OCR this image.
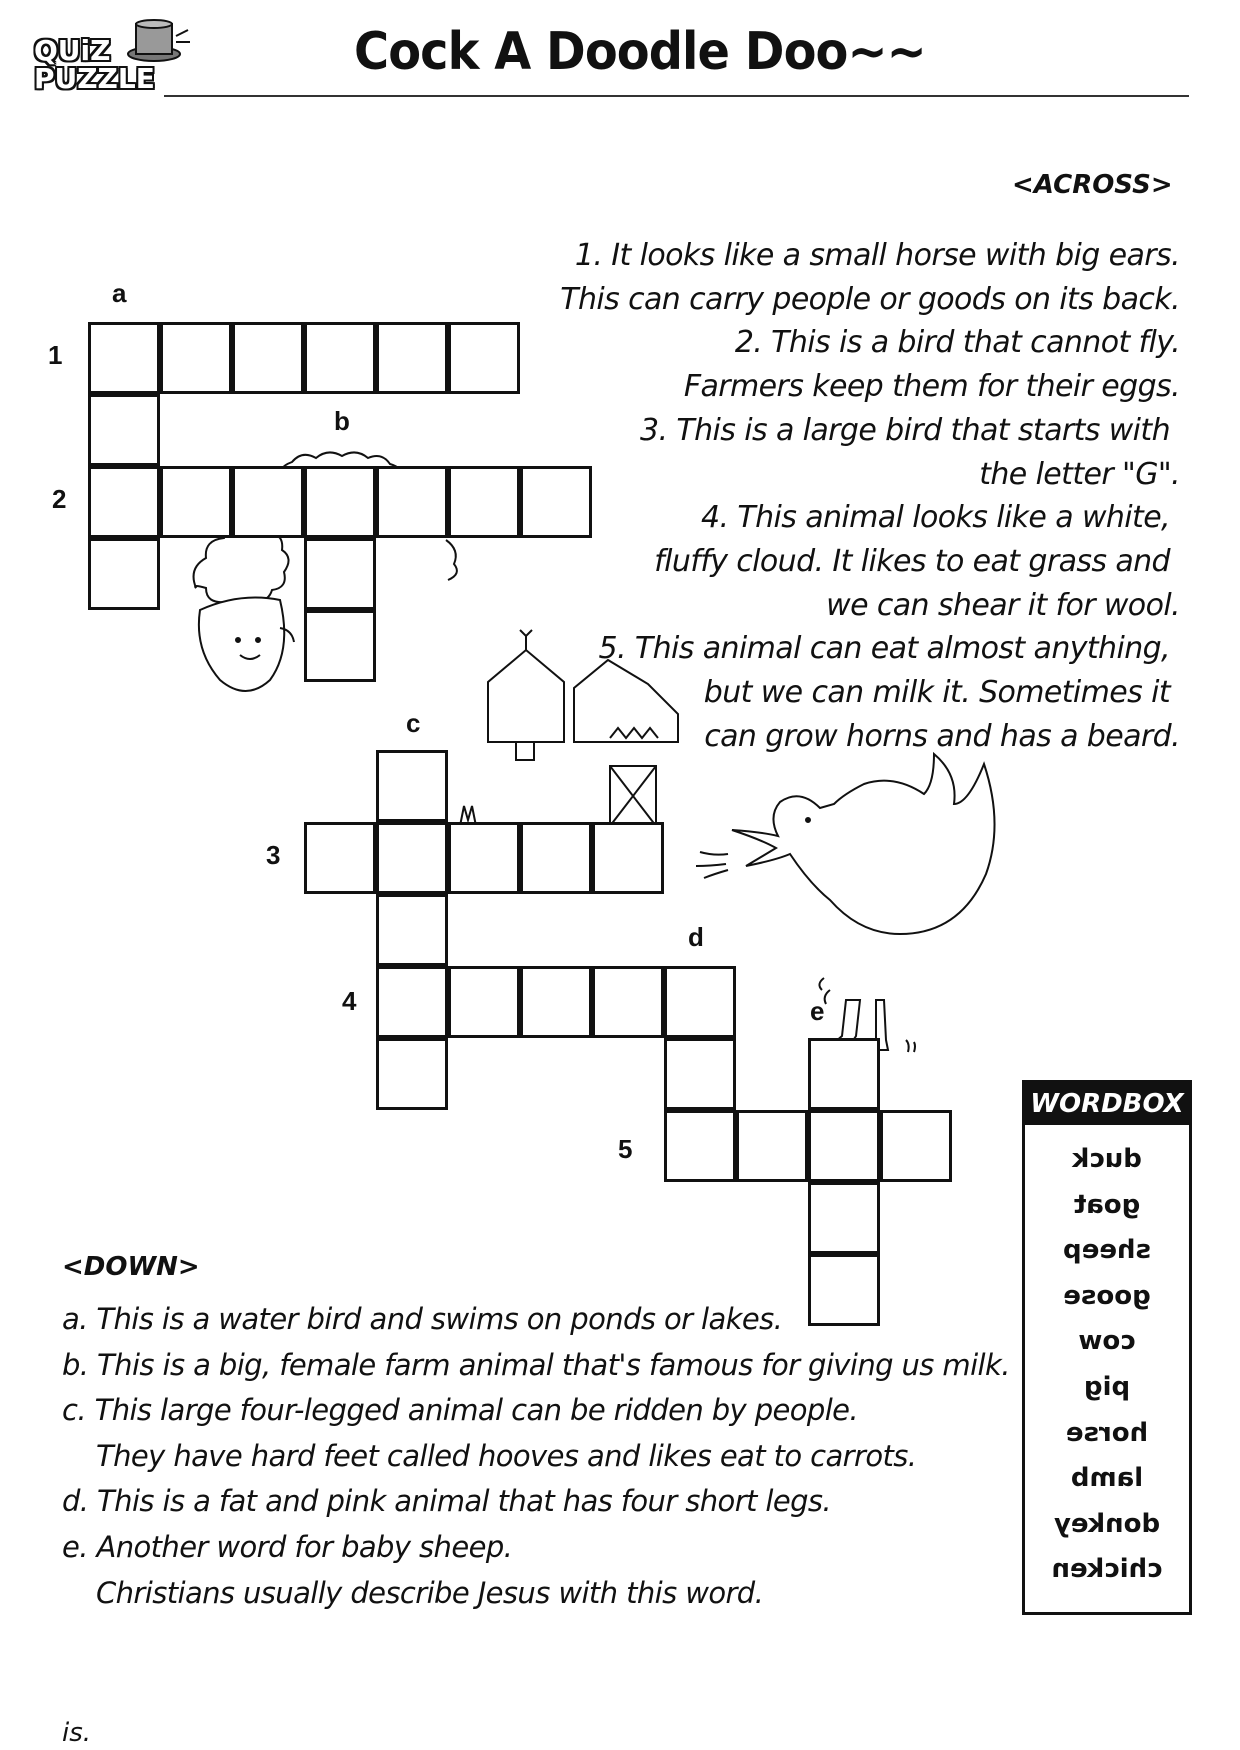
QUiZ
PUZZLE	Cock A Doodle Doo~~
<ACROSS>
1. It looks like a small horse with big ears.
This can carry people or goods on its back.
2. This is a bird that cannot fly.
Farmers keep them for their eggs.
3. This is a large bird that starts with
the letter "G".
4. This animal looks like a white,
fluffy cloud. It likes to eat grass and
we can shear it for wool.
5. This animal can eat almost anything,
but we can milk it. Sometimes it
can grow horns and has a beard.
a
b
c
d
e
1
2
3
4
5
<DOWN>
a. This is a water bird and swims on ponds or lakes.
b. This is a big, female farm animal that's famous for giving us milk.
c. This large four-legged animal can be ridden by people.
They have hard feet called hooves and likes eat to carrots.
d. This is a fat and pink animal that has four short legs.
e. Another word for baby sheep.
Christians usually describe Jesus with this word.
WORDBOX
duck
goat
sheep
goose
cow
pig
horse
lamb
donkey
chicken
is.
